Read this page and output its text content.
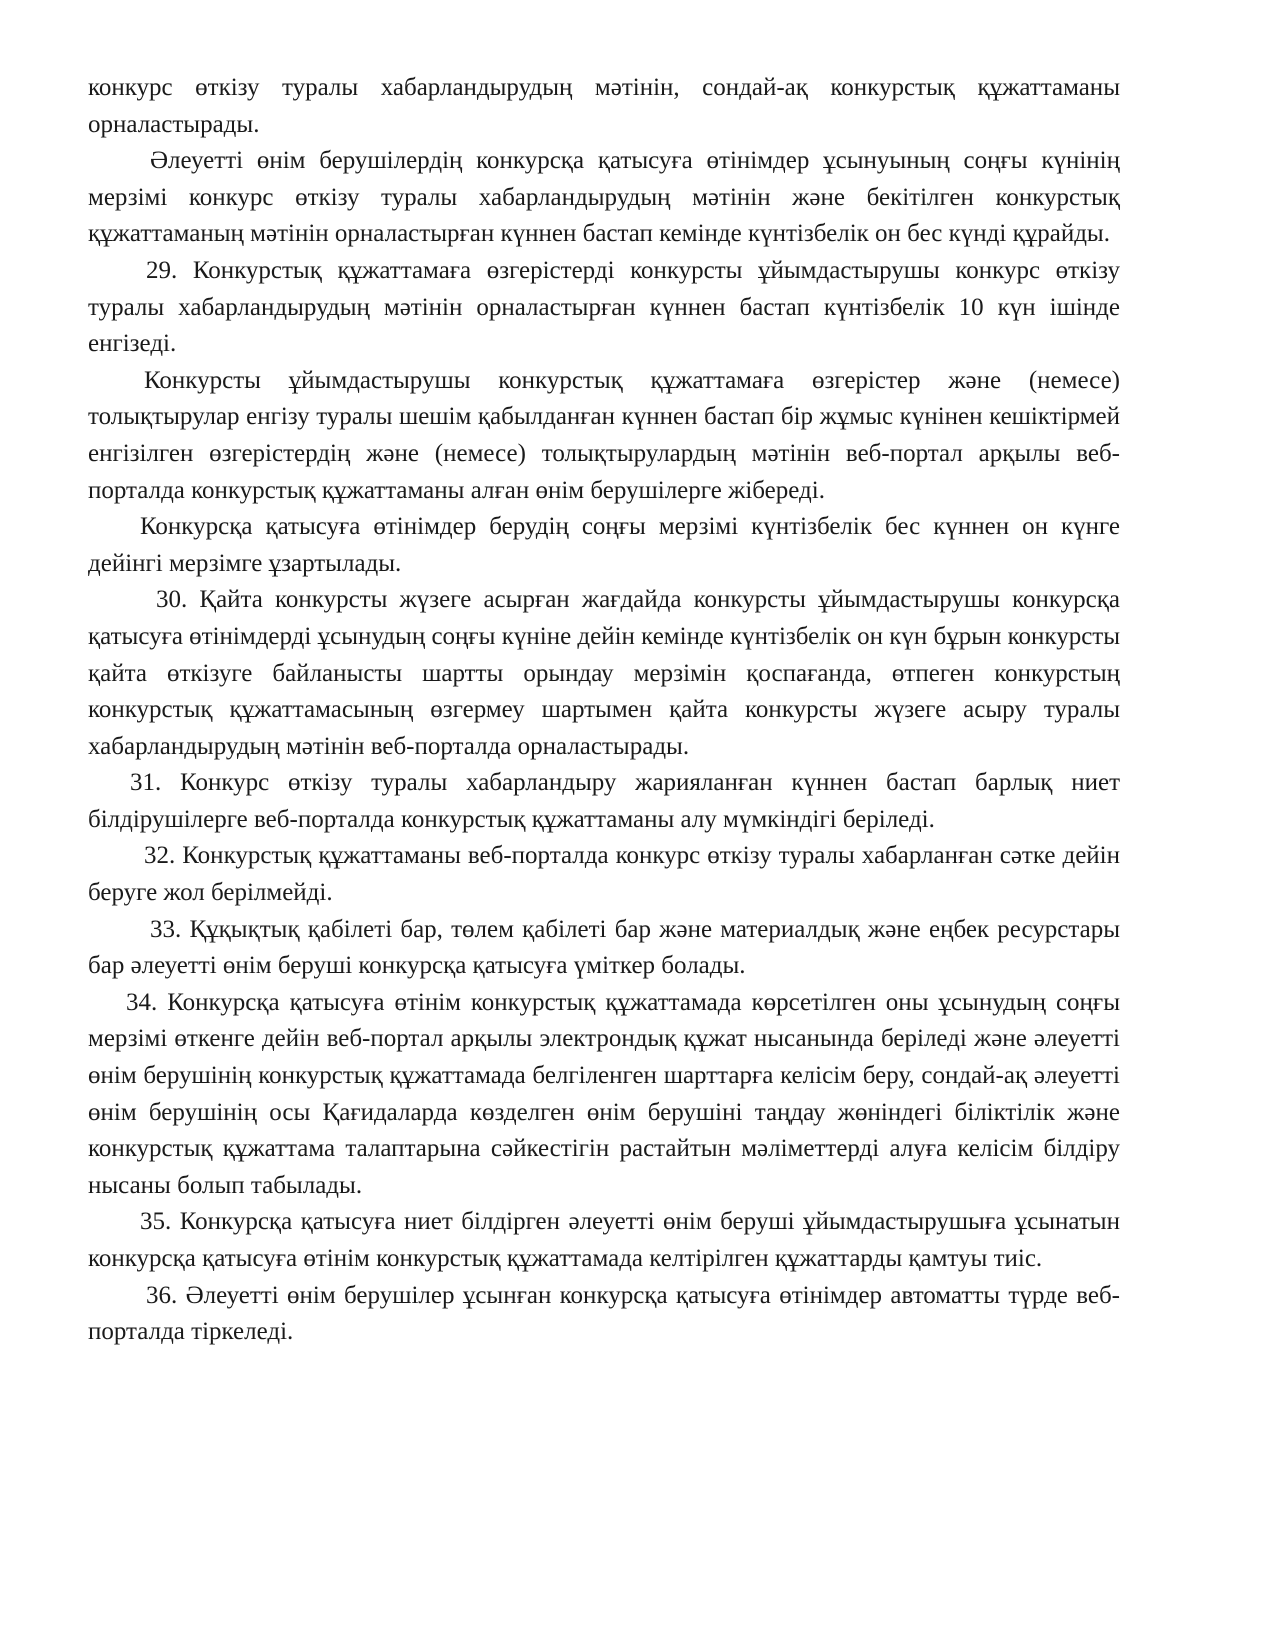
конкурс өткізу туралы хабарландырудың мәтінін, сондай-ақ конкурстық құжаттаманы орналастырады.

Әлеуетті өнім берушілердің конкурсқа қатысуға өтінімдер ұсынуының соңғы күнінің мерзімі конкурс өткізу туралы хабарландырудың мәтінін және бекітілген конкурстық құжаттаманың мәтінін орналастырған күннен бастап кемінде күнтізбелік он бес күнді құрайды.

29. Конкурстық құжаттамаға өзгерістерді конкурсты ұйымдастырушы конкурс өткізу туралы хабарландырудың мәтінін орналастырған күннен бастап күнтізбелік 10 күн ішінде енгізеді.

Конкурсты ұйымдастырушы конкурстық құжаттамаға өзгерістер және (немесе) толықтырулар енгізу туралы шешім қабылданған күннен бастап бір жұмыс күнінен кешіктірмей енгізілген өзгерістердің және (немесе) толықтырулардың мәтінін веб-портал арқылы веб-порталда конкурстық құжаттаманы алған өнім берушілерге жібереді.

Конкурсқа қатысуға өтінімдер берудің соңғы мерзімі күнтізбелік бес күннен он күнге дейінгі мерзімге ұзартылады.

30. Қайта конкурсты жүзеге асырған жағдайда конкурсты ұйымдастырушы конкурсқа қатысуға өтінімдерді ұсынудың соңғы күніне дейін кемінде күнтізбелік он күн бұрын конкурсты қайта өткізуге байланысты шартты орындау мерзімін қоспағанда, өтпеген конкурстың конкурстық құжаттамасының өзгермеу шартымен қайта конкурсты жүзеге асыру туралы хабарландырудың мәтінін веб-порталда орналастырады.

31. Конкурс өткізу туралы хабарландыру жарияланған күннен бастап барлық ниет білдірушілерге веб-порталда конкурстық құжаттаманы алу мүмкіндігі беріледі.

32. Конкурстық құжаттаманы веб-порталда конкурс өткізу туралы хабарланған сәтке дейін беруге жол берілмейді.

33. Құқықтық қабілеті бар, төлем қабілеті бар және материалдық және еңбек ресурстары бар әлеуетті өнім беруші конкурсқа қатысуға үміткер болады.

34. Конкурсқа қатысуға өтінім конкурстық құжаттамада көрсетілген оны ұсынудың соңғы мерзімі өткенге дейін веб-портал арқылы электрондық құжат нысанында беріледі және әлеуетті өнім берушінің конкурстық құжаттамада белгіленген шарттарға келісім беру, сондай-ақ әлеуетті өнім берушінің осы Қағидаларда көзделген өнім берушіні таңдау жөніндегі біліктілік және конкурстық құжаттама талаптарына сәйкестігін растайтын мәліметтерді алуға келісім білдіру нысаны болып табылады.

35. Конкурсқа қатысуға ниет білдірген әлеуетті өнім беруші ұйымдастырушыға ұсынатын конкурсқа қатысуға өтінім конкурстық құжаттамада келтірілген құжаттарды қамтуы тиіс.

36. Әлеуетті өнім берушілер ұсынған конкурсқа қатысуға өтінімдер автоматты түрде веб-порталда тіркеледі.
